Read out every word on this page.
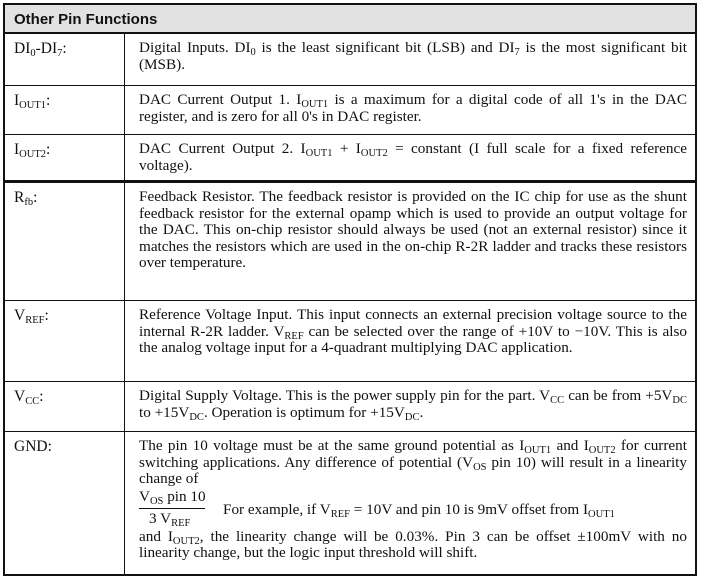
Other Pin Functions
$DI_0-DI_7$:	Digital Inputs. $DI_0$ is the least significant bit (LSB) and $DI_7$ is the most significant bit (MSB).
$I_{OUT1}$:	DAC Current Output 1. $I_{OUT1}$ is a maximum for a digital code of all 1's in the DAC register, and is zero for all 0's in DAC register.
$I_{OUT2}$:	DAC Current Output 2. $I_{OUT1} + I_{OUT2}$ = constant (I full scale for a fixed reference voltage).
$R_{fb}$:	Feedback Resistor. The feedback resistor is provided on the IC chip for use as the shunt feedback resistor for the external opamp which is used to provide an output voltage for the DAC. This on-chip resistor should always be used (not an external resistor) since it matches the resistors which are used in the on-chip R-2R ladder and tracks these resistors over temperature.
$V_{REF}$:	Reference Voltage Input. This input connects an external precision voltage source to the internal R-2R ladder. $V_{REF}$ can be selected over the range of +10V to −10V. This is also the analog voltage input for a 4-quadrant multiplying DAC application.
$V_{CC}$:	Digital Supply Voltage. This is the power supply pin for the part. $V_{CC}$ can be from $+5V_{DC}$ to $+15V_{DC}$. Operation is optimum for $+15V_{DC}$.
GND:	The pin 10 voltage must be at the same ground potential as $I_{OUT1}$ and $I_{OUT2}$ for current switching applications. Any difference of potential ($V_{OS}$ pin 10) will result in a linearity change of
$\frac{V_{OS} pin 10}{3 V_{REF}}$ For example, if $V_{REF} = 10V$ and pin 10 is 9mV offset from $I_{OUT1}$
and $I_{OUT2}$, the linearity change will be 0.03%. Pin 3 can be offset ±100mV with no linearity change, but the logic input threshold will shift.
